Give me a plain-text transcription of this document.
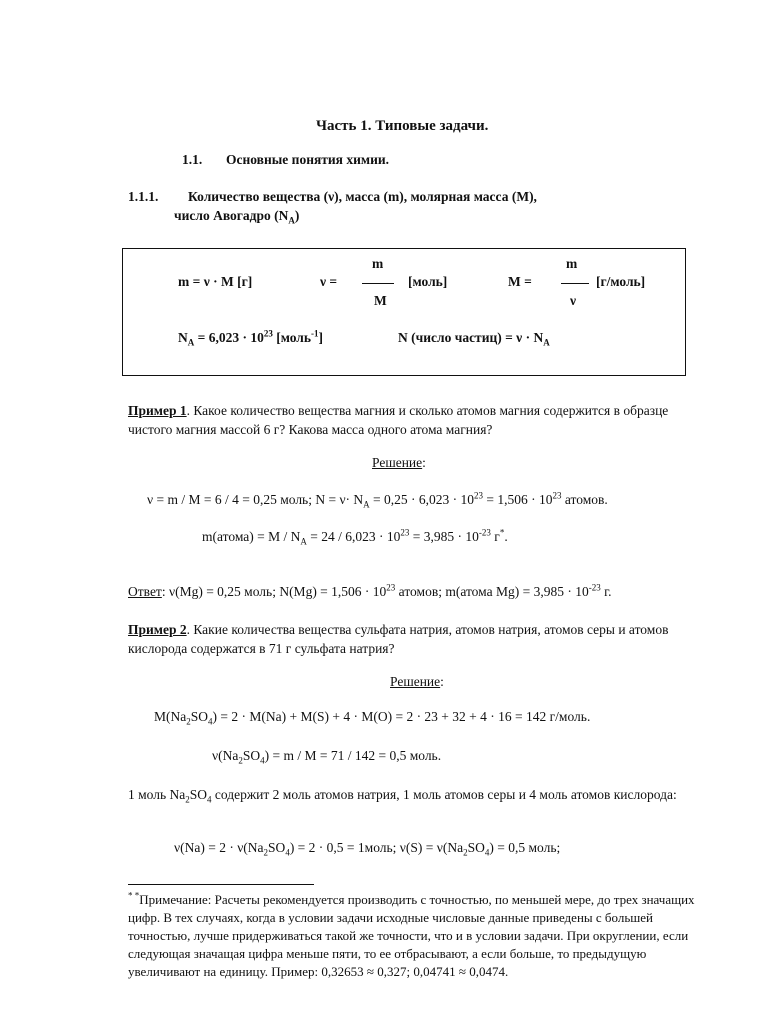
Часть 1. Типовые задачи.
1.1. Основные понятия химии.
1.1.1. Количество вещества (ν), масса (m), молярная масса (M),
число Авогадро $(N_A)$
m = ν · M [г]	ν =
m
M
[моль]	M =
m
ν
[г/моль]
$N_A = 6,023 \cdot 10^{23}$ [моль$^{-1}$]	N (число частиц) = $\nu \cdot N_A$
Пример 1. Какое количество вещества магния и сколько атомов магния содержится в образце чистого магния массой 6 г? Какова масса одного атома магния?
Решение:
ν = m / M = 6 / 4 = 0,25 моль; $N = \nu\cdot N_A = 0,25 \cdot 6,023 \cdot 10^{23} = 1,506 \cdot 10^{23}$ атомов.
m(атома) = $M / N_A = 24 / 6,023 \cdot 10^{23} = 3,985 \cdot 10^{-23}$ г*.
Ответ: ν(Mg) = 0,25 моль; $N(Mg) = 1,506 \cdot 10^{23}$ атомов; m(атома $Mg) = 3,985 \cdot 10^{-23}$ г.
Пример 2. Какие количества вещества сульфата натрия, атомов натрия, атомов серы и атомов кислорода содержатся в 71 г сульфата натрия?
Решение:
$M(Na_2SO_4) = 2 \cdot M(Na) + M(S) + 4 \cdot M(O) = 2 \cdot 23 + 32 + 4 \cdot 16 = 142$ г/моль.
$\nu(Na_2SO_4) = m / M = 71 / 142 = 0,5$ моль.
1 моль $Na_2SO_4$ содержит 2 моль атомов натрия, 1 моль атомов серы и 4 моль атомов кислорода:
$\nu(Na) = 2 \cdot \nu(Na_2SO_4) = 2 \cdot 0,5$ = 1моль; $\nu(S) = \nu(Na_2SO_4) = 0,5$ моль;
* *Примечание: Расчеты рекомендуется производить с точностью, по меньшей мере, до трех значащих цифр. В тех случаях, когда в условии задачи исходные числовые данные приведены с большей точностью, лучше придерживаться такой же точности, что и в условии задачи. При округлении, если следующая значащая цифра меньше пяти, то ее отбрасывают, а если больше, то предыдущую увеличивают на единицу. Пример: 0,32653 ≈ 0,327; 0,04741 ≈ 0,0474.
